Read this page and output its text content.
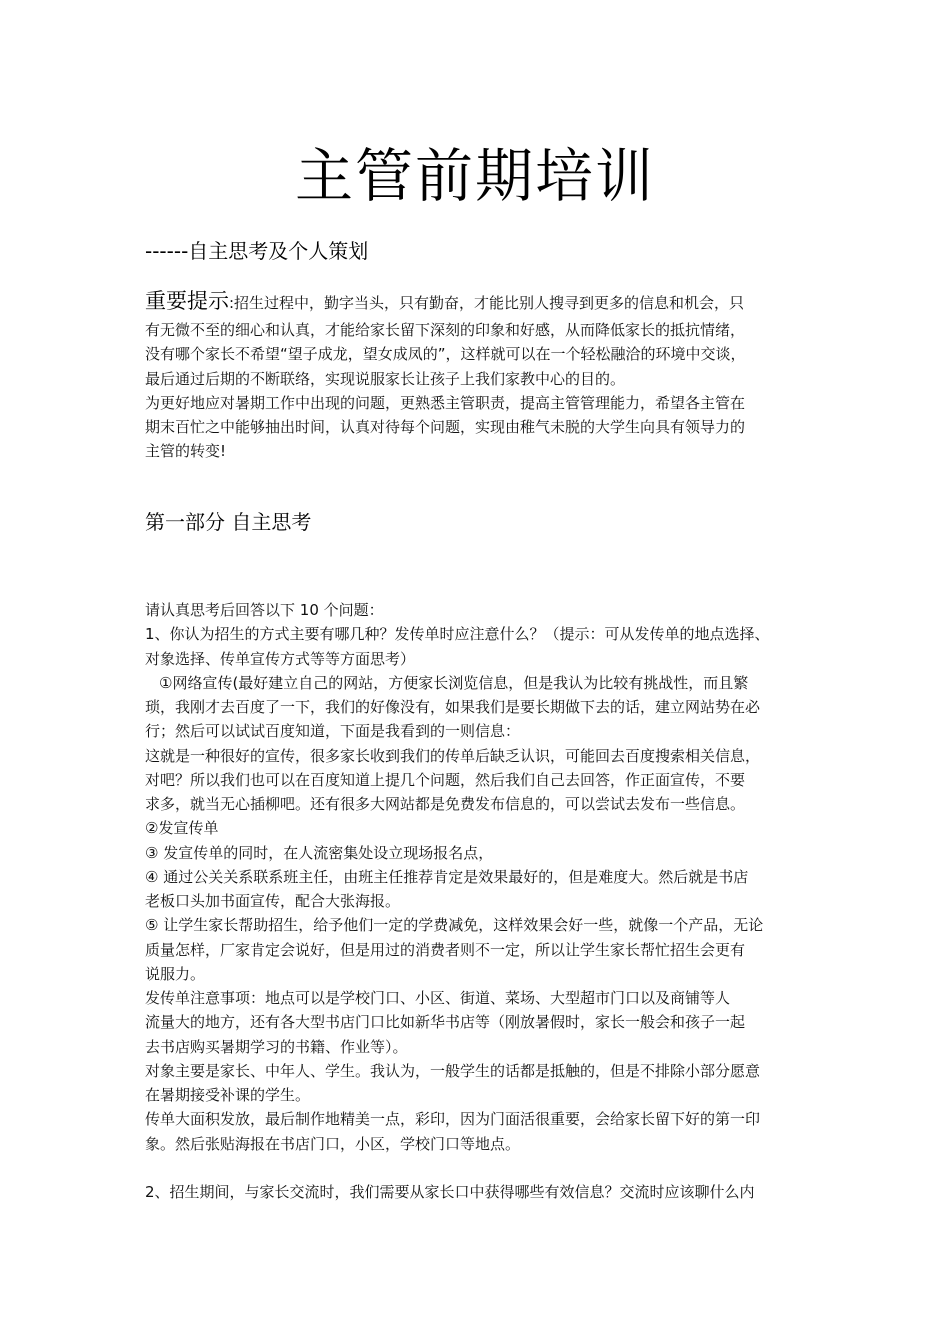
主管前期培训
------自主思考及个人策划
重要提示:招生过程中，勤字当头，只有勤奋，才能比别人搜寻到更多的信息和机会，只
有无微不至的细心和认真，才能给家长留下深刻的印象和好感，从而降低家长的抵抗情绪，
没有哪个家长不希望“望子成龙，望女成凤的”，这样就可以在一个轻松融洽的环境中交谈，
最后通过后期的不断联络，实现说服家长让孩子上我们家教中心的目的。
为更好地应对暑期工作中出现的问题，更熟悉主管职责，提高主管管理能力，希望各主管在
期末百忙之中能够抽出时间，认真对待每个问题，实现由稚气未脱的大学生向具有领导力的
主管的转变!
第一部分 自主思考
请认真思考后回答以下 10 个问题：
1、你认为招生的方式主要有哪几种？发传单时应注意什么？（提示：可从发传单的地点选择、
对象选择、传单宣传方式等等方面思考）
①网络宣传(最好建立自己的网站，方便家长浏览信息，但是我认为比较有挑战性，而且繁
琐，我刚才去百度了一下，我们的好像没有，如果我们是要长期做下去的话，建立网站势在必
行；然后可以试试百度知道，下面是我看到的一则信息：
这就是一种很好的宣传，很多家长收到我们的传单后缺乏认识，可能回去百度搜索相关信息，
对吧？所以我们也可以在百度知道上提几个问题，然后我们自己去回答，作正面宣传，不要
求多，就当无心插柳吧。还有很多大网站都是免费发布信息的，可以尝试去发布一些信息。
②发宣传单
③ 发宣传单的同时，在人流密集处设立现场报名点，
④ 通过公关关系联系班主任，由班主任推荐肯定是效果最好的，但是难度大。然后就是书店
老板口头加书面宣传，配合大张海报。
⑤ 让学生家长帮助招生，给予他们一定的学费减免，这样效果会好一些，就像一个产品，无论
质量怎样，厂家肯定会说好，但是用过的消费者则不一定，所以让学生家长帮忙招生会更有
说服力。
发传单注意事项：地点可以是学校门口、小区、街道、菜场、大型超市门口以及商铺等人
流量大的地方，还有各大型书店门口比如新华书店等（刚放暑假时，家长一般会和孩子一起
去书店购买暑期学习的书籍、作业等）。
对象主要是家长、中年人、学生。我认为，一般学生的话都是抵触的，但是不排除小部分愿意
在暑期接受补课的学生。
传单大面积发放，最后制作地精美一点，彩印，因为门面活很重要，会给家长留下好的第一印
象。然后张贴海报在书店门口，小区，学校门口等地点。
2、招生期间，与家长交流时，我们需要从家长口中获得哪些有效信息？交流时应该聊什么内
